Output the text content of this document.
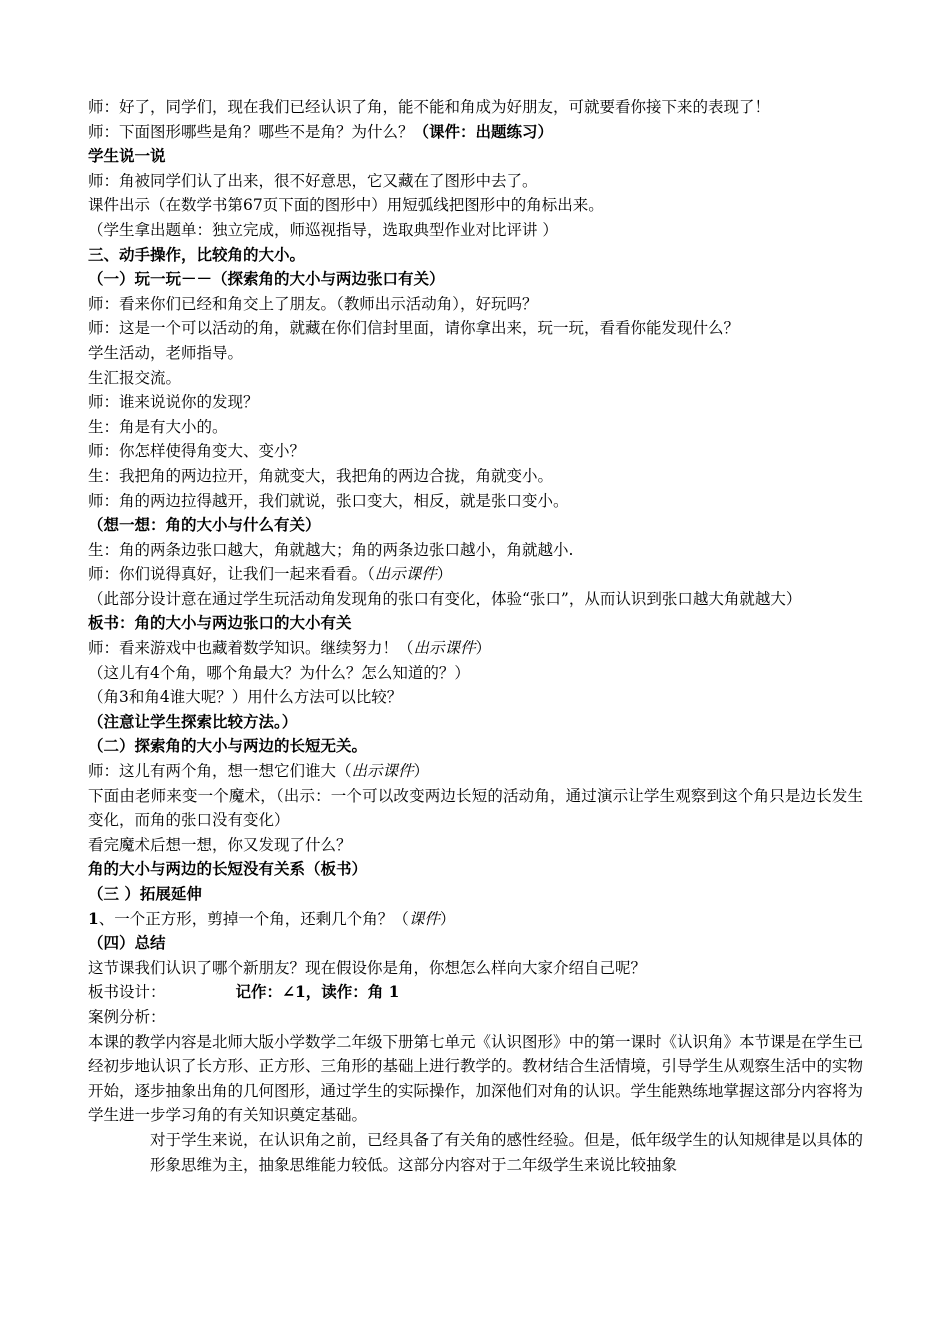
师：好了，同学们，现在我们已经认识了角，能不能和角成为好朋友，可就要看你接下来的表现了！
师：下面图形哪些是角？哪些不是角？为什么？（课件：出题练习）
学生说一说
师：角被同学们认了出来，很不好意思，它又藏在了图形中去了。
课件出示（在数学书第67页下面的图形中）用短弧线把图形中的角标出来。
（学生拿出题单：独立完成，师巡视指导，选取典型作业对比评讲 ）
三、动手操作，比较角的大小。
（一）玩一玩－－（探索角的大小与两边张口有关）
师：看来你们已经和角交上了朋友。（教师出示活动角），好玩吗？
师：这是一个可以活动的角，就藏在你们信封里面，请你拿出来，玩一玩，看看你能发现什么？
学生活动，老师指导。
生汇报交流。
师：谁来说说你的发现？
生：角是有大小的。
师：你怎样使得角变大、变小？
生：我把角的两边拉开，角就变大，我把角的两边合拢，角就变小。
师：角的两边拉得越开，我们就说，张口变大，相反，就是张口变小。
（想一想：角的大小与什么有关）
生：角的两条边张口越大，角就越大；角的两条边张口越小，角就越小.
师：你们说得真好，让我们一起来看看。（出示课件）
（此部分设计意在通过学生玩活动角发现角的张口有变化，体验“张口”，从而认识到张口越大角就越大）
板书：角的大小与两边张口的大小有关
师：看来游戏中也藏着数学知识。继续努力！（出示课件）
（这儿有4个角，哪个角最大？为什么？怎么知道的？）
（角3和角4谁大呢？）用什么方法可以比较？
（注意让学生探索比较方法。）
（二）探索角的大小与两边的长短无关。
师：这儿有两个角，想一想它们谁大（出示课件）
下面由老师来变一个魔术，（出示：一个可以改变两边长短的活动角，通过演示让学生观察到这个角只是边长发生变化，而角的张口没有变化）
看完魔术后想一想，你又发现了什么？
角的大小与两边的长短没有关系（板书）
（三 ）拓展延伸
1、一个正方形，剪掉一个角，还剩几个角？（课件）
（四）总结
这节课我们认识了哪个新朋友？现在假设你是角，你想怎么样向大家介绍自己呢？
板书设计：	记作：∠1，读作：角 1
案例分析：
本课的教学内容是北师大版小学数学二年级下册第七单元《认识图形》中的第一课时《认识角》本节课是在学生已经初步地认识了长方形、正方形、三角形的基础上进行教学的。教材结合生活情境，引导学生从观察生活中的实物开始，逐步抽象出角的几何图形，通过学生的实际操作，加深他们对角的认识。学生能熟练地掌握这部分内容将为学生进一步学习角的有关知识奠定基础。
对于学生来说，在认识角之前，已经具备了有关角的感性经验。但是，低年级学生的认知规律是以具体的形象思维为主，抽象思维能力较低。这部分内容对于二年级学生来说比较抽象
